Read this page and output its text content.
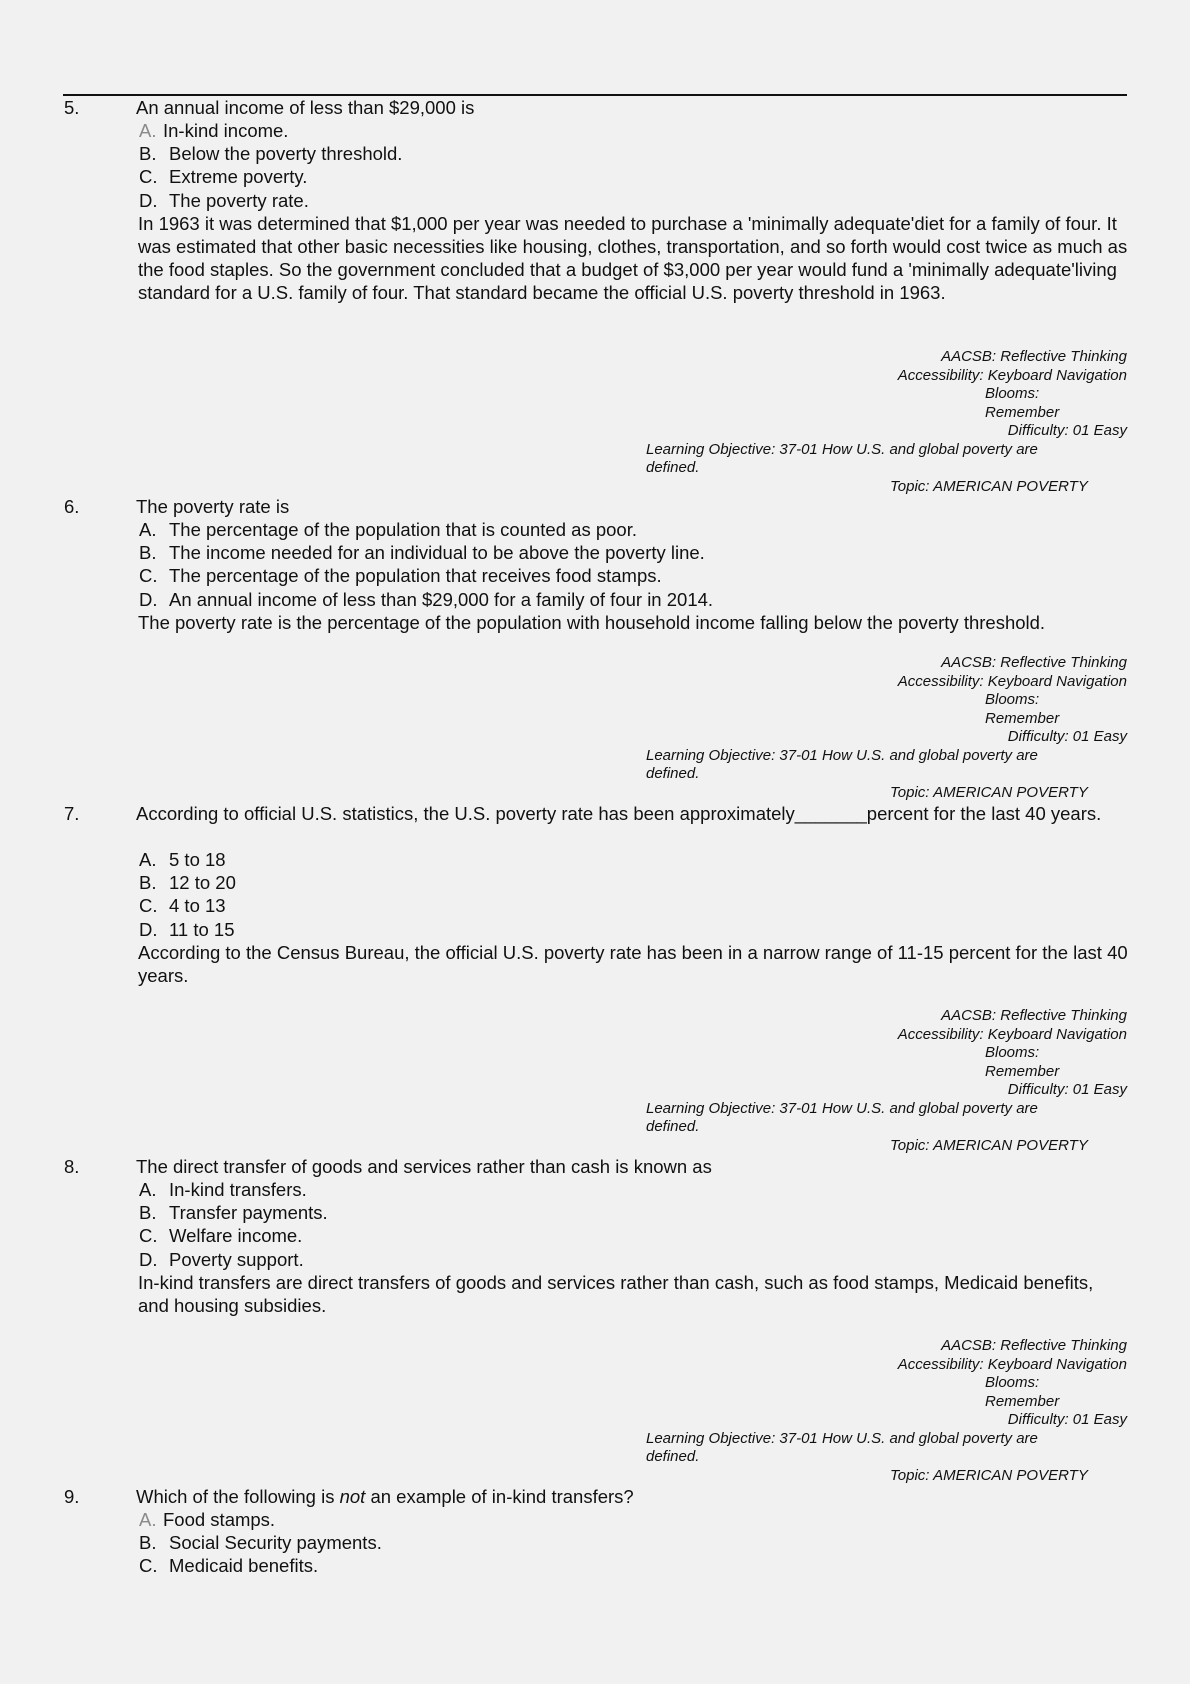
5.	An annual income of less than $29,000 is
A. In-kind income.
B. Below the poverty threshold.
C. Extreme poverty.
D. The poverty rate.
In 1963 it was determined that $1,000 per year was needed to purchase a 'minimally adequate'diet for a family of four. It was estimated that other basic necessities like housing, clothes, transportation, and so forth would cost twice as much as the food staples. So the government concluded that a budget of $3,000 per year would fund a 'minimally adequate'living standard for a U.S. family of four. That standard became the official U.S. poverty threshold in 1963.
AACSB: Reflective Thinking
Accessibility: Keyboard Navigation
Blooms:
Remember
Difficulty: 01 Easy
Learning Objective: 37-01 How U.S. and global poverty are
defined.
Topic: AMERICAN POVERTY
6.	The poverty rate is
A. The percentage of the population that is counted as poor.
B. The income needed for an individual to be above the poverty line.
C. The percentage of the population that receives food stamps.
D. An annual income of less than $29,000 for a family of four in 2014.
The poverty rate is the percentage of the population with household income falling below the poverty threshold.
AACSB: Reflective Thinking
Accessibility: Keyboard Navigation
Blooms:
Remember
Difficulty: 01 Easy
Learning Objective: 37-01 How U.S. and global poverty are
defined.
Topic: AMERICAN POVERTY
7.	According to official U.S. statistics, the U.S. poverty rate has been approximately_______percent for the last 40 years.
A. 5 to 18
B. 12 to 20
C. 4 to 13
D. 11 to 15
According to the Census Bureau, the official U.S. poverty rate has been in a narrow range of 11-15 percent for the last 40 years.
AACSB: Reflective Thinking
Accessibility: Keyboard Navigation
Blooms:
Remember
Difficulty: 01 Easy
Learning Objective: 37-01 How U.S. and global poverty are
defined.
Topic: AMERICAN POVERTY
8.	The direct transfer of goods and services rather than cash is known as
A. In-kind transfers.
B. Transfer payments.
C. Welfare income.
D. Poverty support.
In-kind transfers are direct transfers of goods and services rather than cash, such as food stamps, Medicaid benefits, and housing subsidies.
AACSB: Reflective Thinking
Accessibility: Keyboard Navigation
Blooms:
Remember
Difficulty: 01 Easy
Learning Objective: 37-01 How U.S. and global poverty are
defined.
Topic: AMERICAN POVERTY
9.	Which of the following is not an example of in-kind transfers?
A. Food stamps.
B. Social Security payments.
C. Medicaid benefits.
